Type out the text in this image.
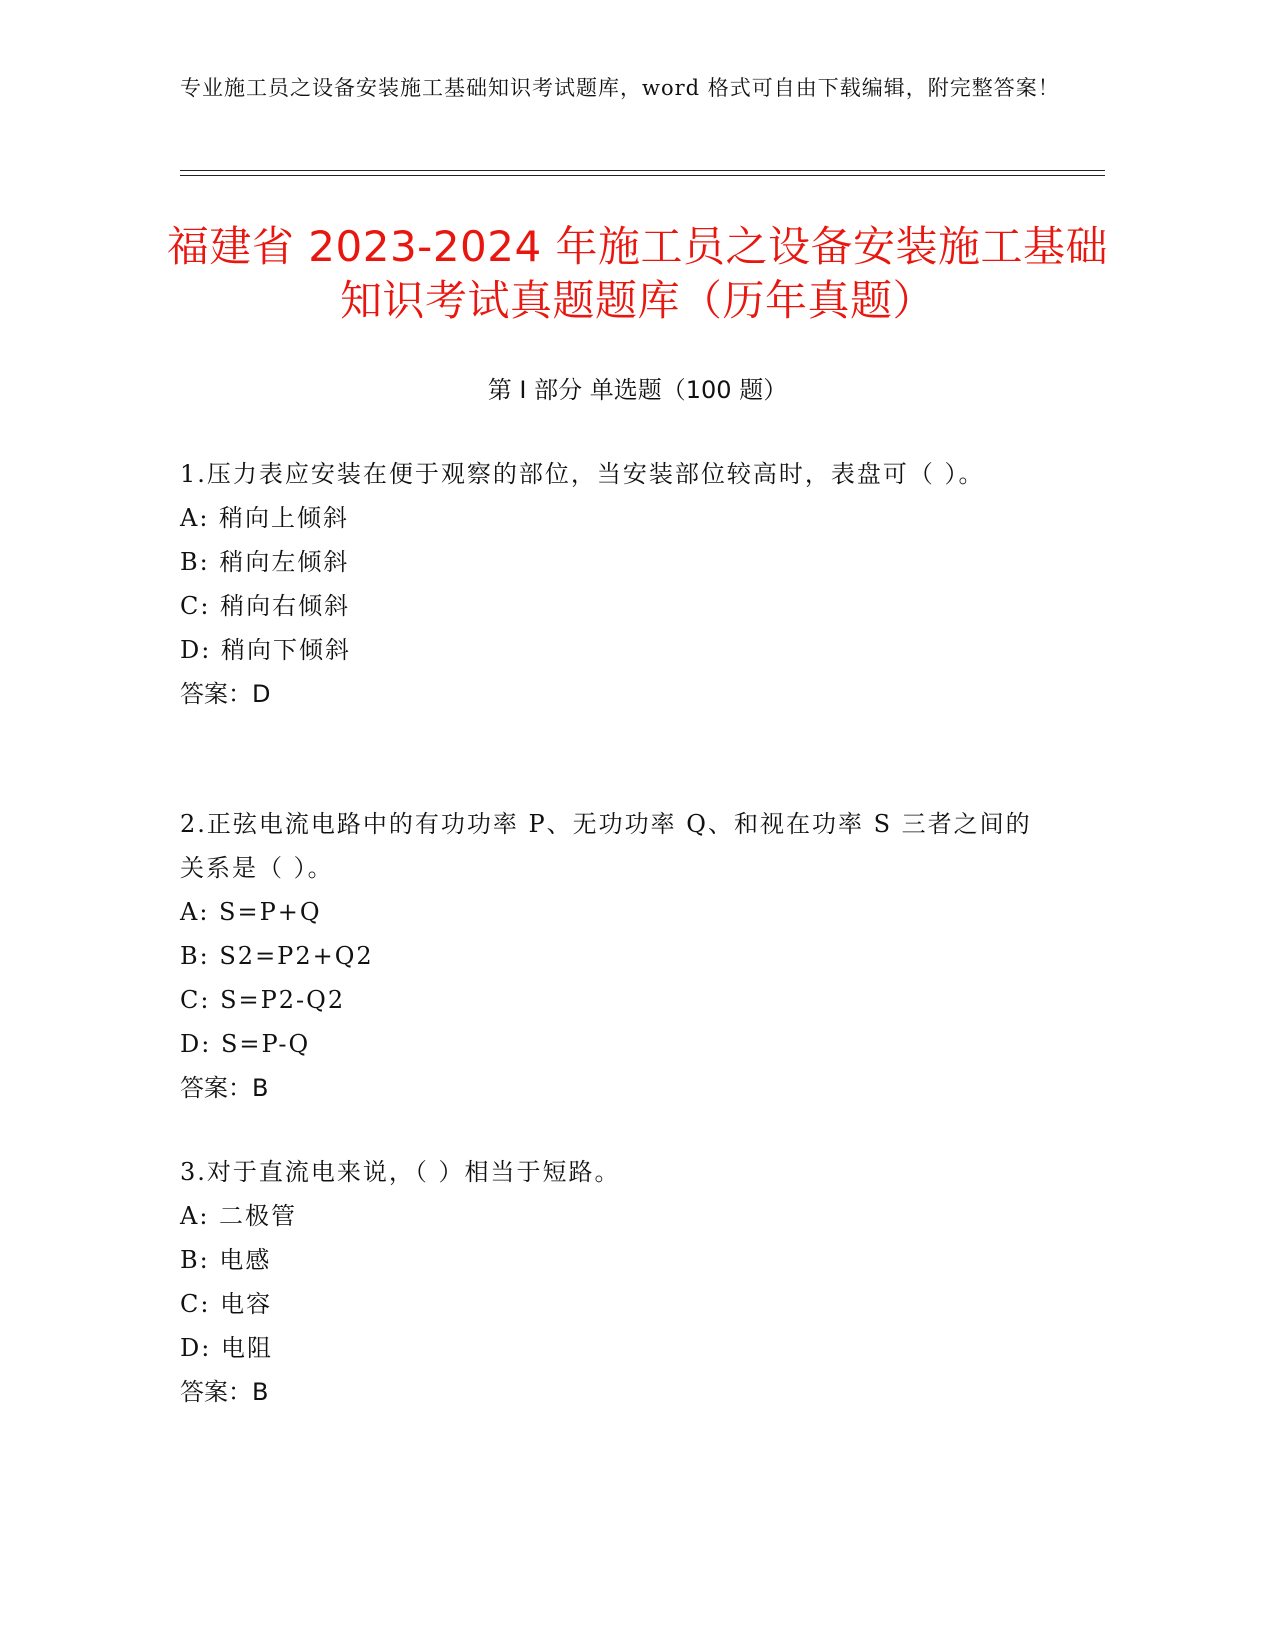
专业施工员之设备安装施工基础知识考试题库，word 格式可自由下载编辑，附完整答案！
福建省 2023-2024 年施工员之设备安装施工基础知识考试真题题库（历年真题）
第 I 部分 单选题（100 题）
1.压力表应安装在便于观察的部位，当安装部位较高时，表盘可（ ）。
A: 稍向上倾斜
B: 稍向左倾斜
C: 稍向右倾斜
D: 稍向下倾斜
答案：D
2.正弦电流电路中的有功功率 P、无功功率 Q、和视在功率 S 三者之间的关系是（ ）。
A: S=P+Q
B: S2=P2+Q2
C: S=P2-Q2
D: S=P-Q
答案：B
3.对于直流电来说，（ ）相当于短路。
A: 二极管
B: 电感
C: 电容
D: 电阻
答案：B
